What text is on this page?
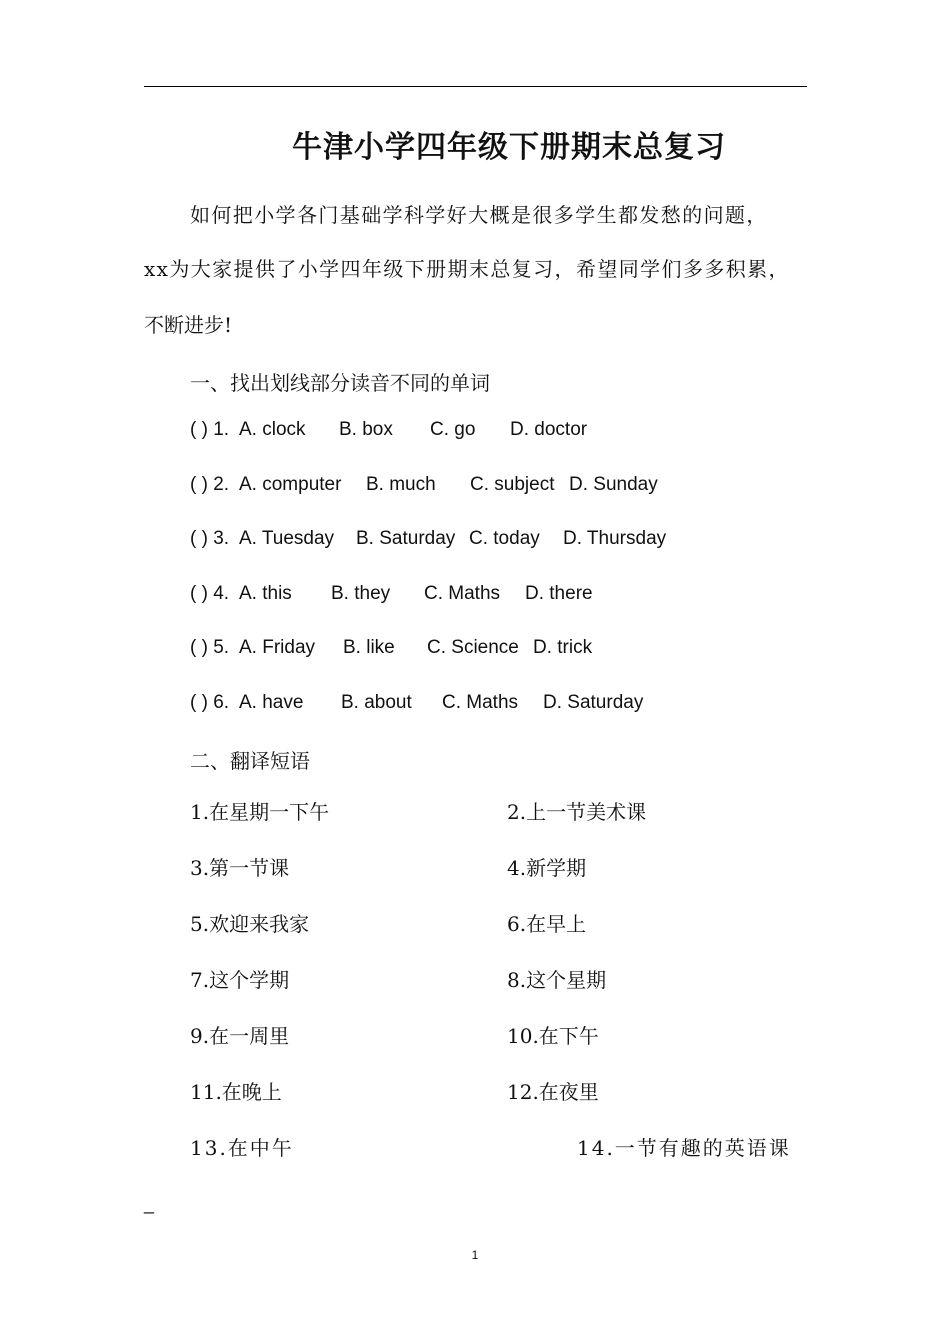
牛津小学四年级下册期末总复习
如何把小学各门基础学科学好大概是很多学生都发愁的问题，
xx为大家提供了小学四年级下册期末总复习，希望同学们多多积累，
不断进步!
一、找出划线部分读音不同的单词
( ) 1. A. clock B. box C. go D. doctor
( ) 2. A. computer B. much C. subject D. Sunday
( ) 3. A. Tuesday B. Saturday C. today D. Thursday
( ) 4. A. this B. they C. Maths D. there
( ) 5. A. Friday B. like C. Science D. trick
( ) 6. A. have B. about C. Maths D. Saturday
二、翻译短语
1.在星期一下午	2.上一节美术课
3.第一节课	4.新学期
5.欢迎来我家	6.在早上
7.这个学期	8.这个星期
9.在一周里	10.在下午
11.在晚上	12.在夜里
13.在中午	14.一节有趣的英语课
_
1
